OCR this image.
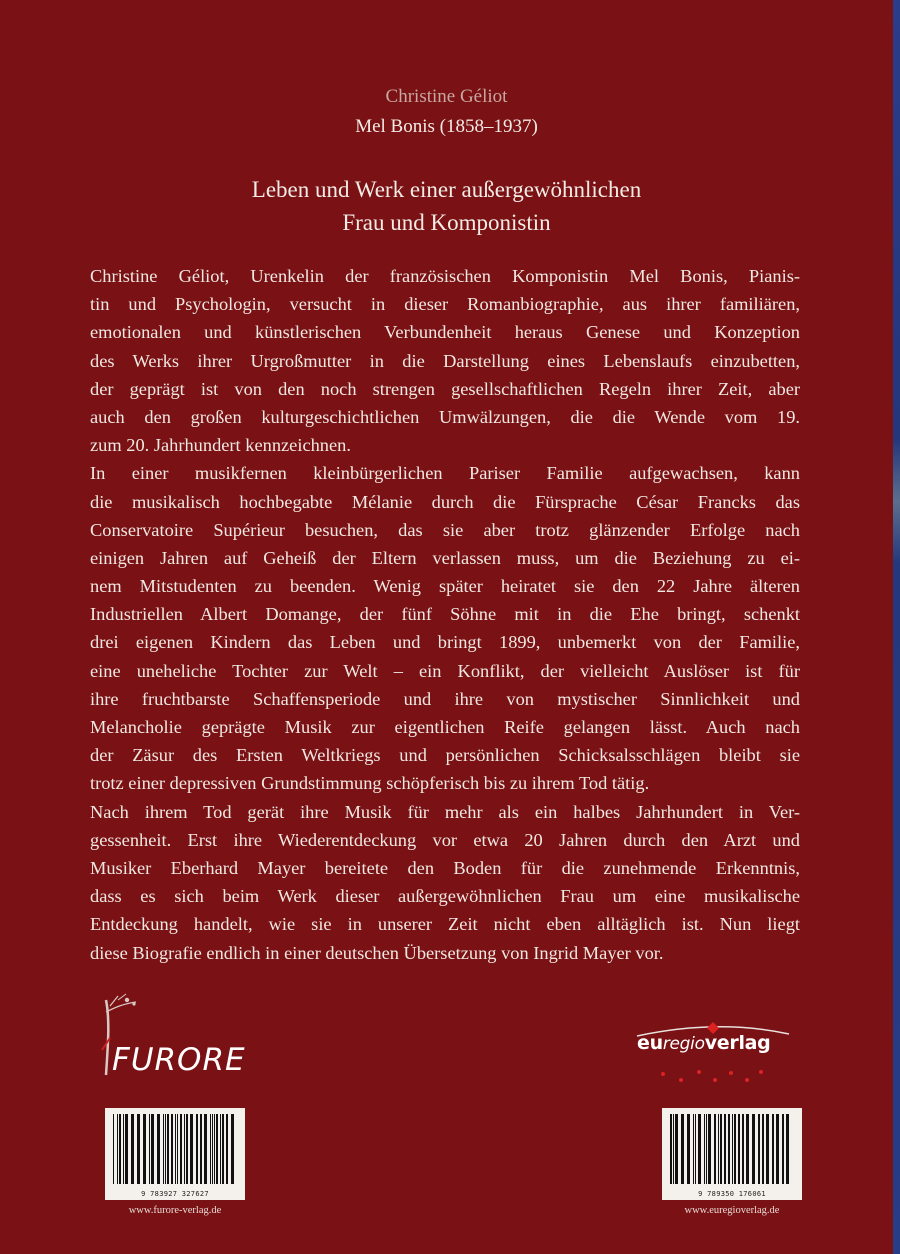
Christine Géliot
Mel Bonis (1858–1937)
Leben und Werk einer außergewöhnlichen
Frau und Komponistin
Christine Géliot, Urenkelin der französischen Komponistin Mel Bonis, Pianis-
tin und Psychologin, versucht in dieser Romanbiographie, aus ihrer familiären,
emotionalen und künstlerischen Verbundenheit heraus Genese und Konzeption
des Werks ihrer Urgroßmutter in die Darstellung eines Lebenslaufs einzubetten,
der geprägt ist von den noch strengen gesellschaftlichen Regeln ihrer Zeit, aber
auch den großen kulturgeschichtlichen Umwälzungen, die die Wende vom 19.
zum 20. Jahrhundert kennzeichnen.
In einer musikfernen kleinbürgerlichen Pariser Familie aufgewachsen, kann
die musikalisch hochbegabte Mélanie durch die Fürsprache César Francks das
Conservatoire Supérieur besuchen, das sie aber trotz glänzender Erfolge nach
einigen Jahren auf Geheiß der Eltern verlassen muss, um die Beziehung zu ei-
nem Mitstudenten zu beenden. Wenig später heiratet sie den 22 Jahre älteren
Industriellen Albert Domange, der fünf Söhne mit in die Ehe bringt, schenkt
drei eigenen Kindern das Leben und bringt 1899, unbemerkt von der Familie,
eine uneheliche Tochter zur Welt – ein Konflikt, der vielleicht Auslöser ist für
ihre fruchtbarste Schaffensperiode und ihre von mystischer Sinnlichkeit und
Melancholie geprägte Musik zur eigentlichen Reife gelangen lässt. Auch nach
der Zäsur des Ersten Weltkriegs und persönlichen Schicksalsschlägen bleibt sie
trotz einer depressiven Grundstimmung schöpferisch bis zu ihrem Tod tätig.
Nach ihrem Tod gerät ihre Musik für mehr als ein halbes Jahrhundert in Ver-
gessenheit. Erst ihre Wiederentdeckung vor etwa 20 Jahren durch den Arzt und
Musiker Eberhard Mayer bereitete den Boden für die zunehmende Erkenntnis,
dass es sich beim Werk dieser außergewöhnlichen Frau um eine musikalische
Entdeckung handelt, wie sie in unserer Zeit nicht eben alltäglich ist. Nun liegt
diese Biografie endlich in einer deutschen Übersetzung von Ingrid Mayer vor.
FURORE	euregioverlag
9 783927 327627
www.furore-verlag.de
9 789350 176061
www.euregioverlag.de
